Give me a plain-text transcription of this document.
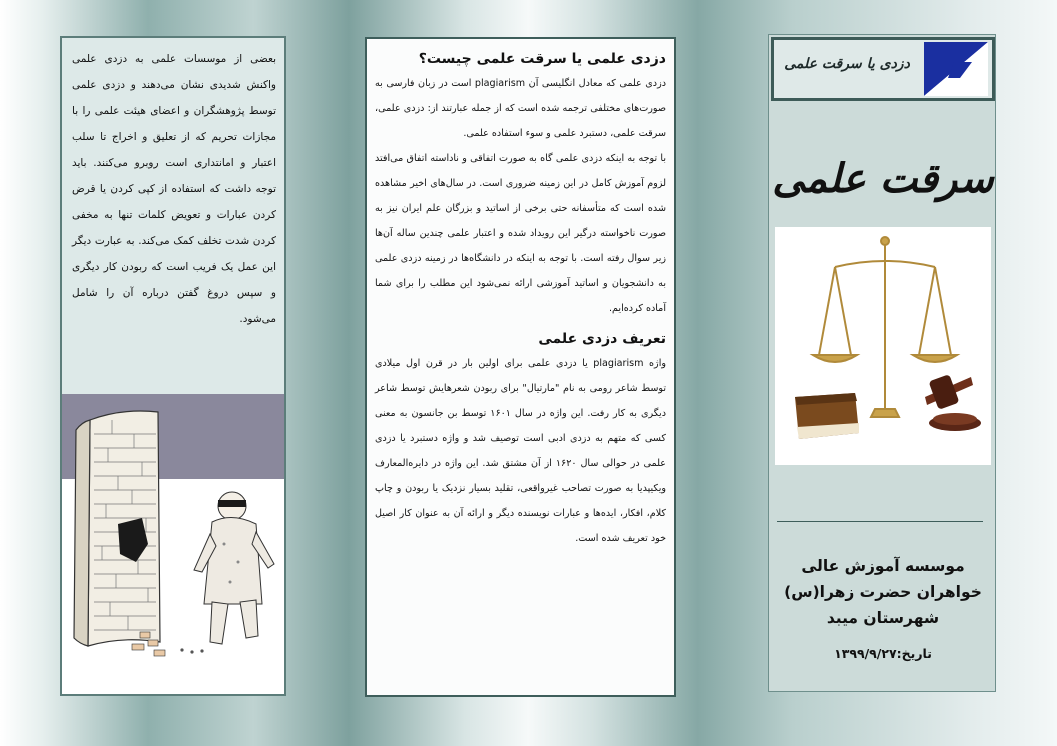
بعضی از موسسات علمی به دزدی علمی واکنش شدیدی نشان می‌دهند و دزدی علمی توسط پژوهشگران و اعضای هیئت علمی را با مجازات تحریم که از تعلیق و اخراج تا سلب اعتبار و امانتداری است روبرو می‌کنند. باید توجه داشت که استفاده از کپی کردن یا قرض کردن عبارات و تعویض کلمات تنها به مخفی کردن شدت تخلف کمک می‌کند. به عبارت دیگر این عمل یک فریب است که ربودن کار دیگری و سپس دروغ گفتن درباره آن را شامل می‌شود.

دزدی علمی یا سرقت علمی چیست؟

دزدی علمی که معادل انگلیسی آن plagiarism است در زبان فارسی به صورت‌های مختلفی ترجمه شده است که از جمله عبارتند از: دزدی علمی، سرقت علمی، دستبرد علمی و سوء استفاده علمی.

با توجه به اینکه دزدی علمی گاه به صورت اتفاقی و ناداسته اتفاق می‌افتد لزوم آموزش کامل در این زمینه ضروری است. در سال‌های اخیر مشاهده شده است که متأسفانه حتی برخی از اساتید و بزرگان علم ایران نیز به صورت ناخواسته درگیر این رویداد شده و اعتبار علمی چندین ساله آن‌ها زیر سوال رفته است. با توجه به اینکه در دانشگاه‌ها در زمینه دزدی علمی به دانشجویان و اساتید آموزشی ارائه نمی‌شود این مطلب را برای شما آماده کرده‌ایم.

تعریف دزدی علمی

واژه plagiarism یا دزدی علمی برای اولین بار در قرن اول میلادی توسط شاعر رومی به نام "مارتیال" برای ربودن شعرهایش توسط شاعر دیگری به کار رفت. این واژه در سال ۱۶۰۱ توسط بن جانسون به معنی کسی که متهم به دزدی ادبی است توصیف شد و واژه دستبرد یا دزدی علمی در حوالی سال ۱۶۲۰ از آن مشتق شد. این واژه در دایره‌المعارف ویکیپدیا به صورت تصاحب غیرواقعی، تقلید بسیار نزدیک یا ربودن و چاپ کلام، افکار، ایده‌ها و عبارات نویسنده دیگر و ارائه آن به عنوان کار اصیل خود تعریف شده است.

دزدی یا سرقت علمی
سرقت علمی
موسسه آموزش عالی
خواهران حضرت زهرا(س)
شهرستان میبد
تاریخ:۱۳۹۹/۹/۲۷
